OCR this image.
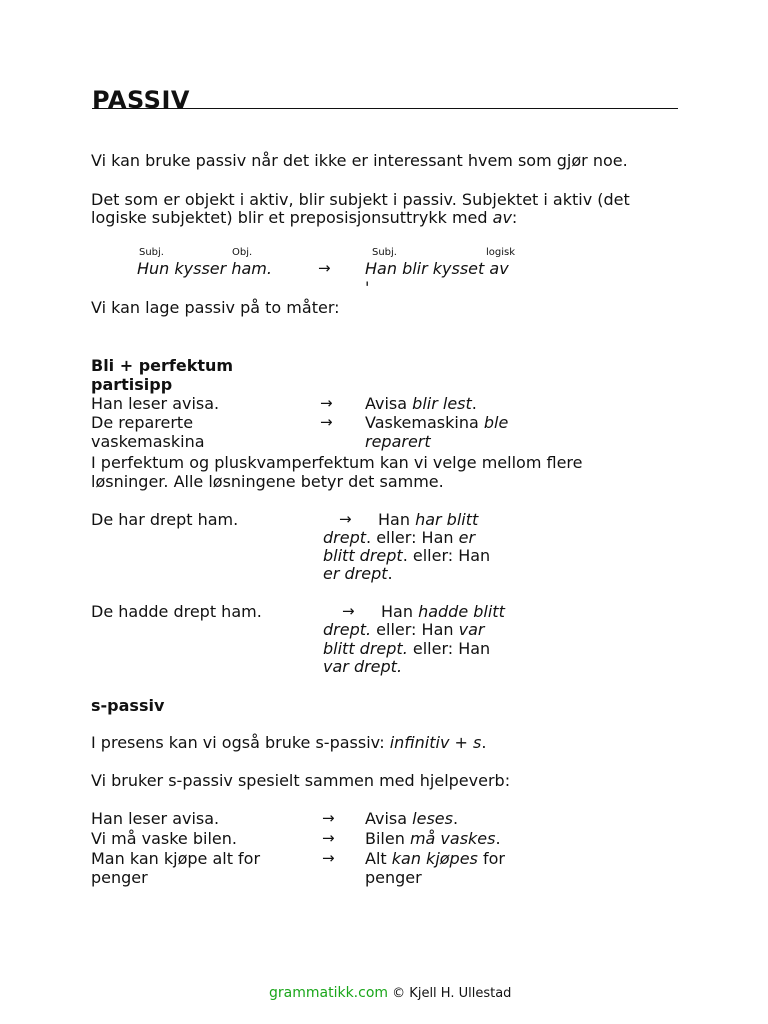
PASSIV
Vi kan bruke passiv når det ikke er interessant hvem som gjør noe.
Det som er objekt i aktiv, blir subjekt i passiv. Subjektet i aktiv (det
logiske subjektet) blir et preposisjonsuttrykk med av:
Subj.	Obj.	Subj.	logisk
Hun kysser ham.	→ Han blir kysset av
'
Vi kan lage passiv på to måter:
Bli + perfektum
partisipp
Han leser avisa.	→ Avisa blir lest.
De reparerte
vaskemaskina
→ Vaskemaskina ble
reparert
I perfektum og pluskvamperfektum kan vi velge mellom flere
løsninger. Alle løsningene betyr det samme.
De har drept ham.	→ Han har blitt
drept. eller: Han er
blitt drept. eller: Han
er drept.
De hadde drept ham.	→ Han hadde blitt
drept. eller: Han var
blitt drept. eller: Han
var drept.
s-passiv
I presens kan vi også bruke s-passiv: infinitiv + s.
Vi bruker s-passiv spesielt sammen med hjelpeverb:
Han leser avisa.	→ Avisa leses.
Vi må vaske bilen.	→ Bilen må vaskes.
Man kan kjøpe alt for
penger
→ Alt kan kjøpes for
penger
grammatikk.com © Kjell H. Ullestad
